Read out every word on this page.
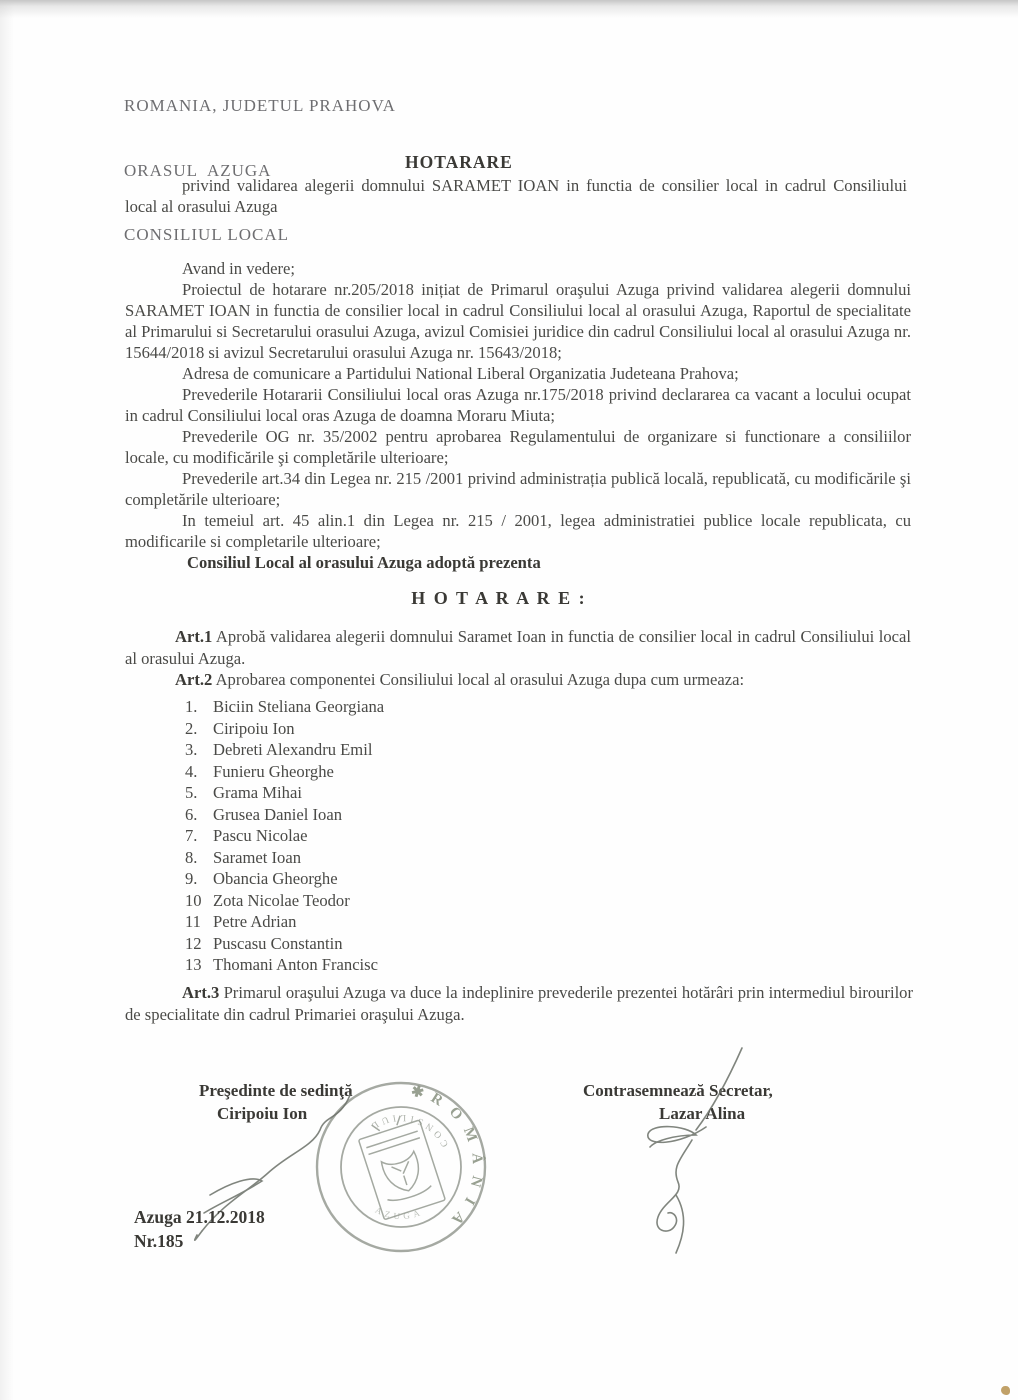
ROMANIA, JUDETUL PRAHOVA

ORASUL  AZUGA

CONSILIUL LOCAL

HOTARARE

privind validarea alegerii domnului SARAMET IOAN in functia de consilier local in cadrul Consiliului local al orasului Azuga

Avand in vedere;

Proiectul de hotarare nr.205/2018 inițiat de Primarul oraşului Azuga privind validarea alegerii domnului SARAMET IOAN in functia de consilier local in cadrul Consiliului local al orasului Azuga, Raportul de specialitate al Primarului si Secretarului orasului Azuga, avizul Comisiei juridice din cadrul Consiliului local al orasului Azuga nr. 15644/2018 si avizul Secretarului orasului Azuga nr. 15643/2018;

Adresa de comunicare a Partidului National Liberal Organizatia Judeteana Prahova;

Prevederile Hotararii Consiliului local oras Azuga nr.175/2018 privind declararea ca vacant a locului ocupat in cadrul Consiliului local oras Azuga de doamna Moraru Miuta;

Prevederile OG nr. 35/2002 pentru aprobarea Regulamentului de organizare si functionare a consiliilor locale, cu modificările şi completările ulterioare;

Prevederile art.34 din Legea nr. 215 /2001 privind administrația publică locală, republicată, cu modificările şi completările ulterioare;

In temeiul art. 45 alin.1 din Legea nr. 215 / 2001, legea administratiei publice locale republicata, cu modificarile si completarile ulterioare;

Consiliul Local al orasului Azuga adoptă prezenta

H O T A R A R E :

Art.1 Aprobă validarea alegerii domnului Saramet Ioan in functia de consilier local in cadrul Consiliului local al orasului Azuga.

Art.2 Aprobarea componentei Consiliului local al orasului Azuga dupa cum urmeaza:

1. Biciin Steliana Georgiana
2. Ciripoiu Ion
3. Debreti Alexandru Emil
4. Funieru Gheorghe
5. Grama Mihai
6. Grusea Daniel Ioan
7. Pascu Nicolae
8. Saramet Ioan
9. Obancia Gheorghe
10 Zota Nicolae Teodor
11 Petre Adrian
12 Puscasu Constantin
13 Thomani Anton Francisc

Art.3 Primarul oraşului Azuga va duce la indeplinire prevederile prezentei hotărâri prin intermediul birourilor de specialitate din cadrul Primariei oraşului Azuga.

Preşedinte de sedinţă
Ciripoiu Ion
Contrasemnează Secretar,
Lazar Alina
✱
ROMÂNIA
CONSILIUL
AZUGA

Azuga 21.12.2018

Nr.185
